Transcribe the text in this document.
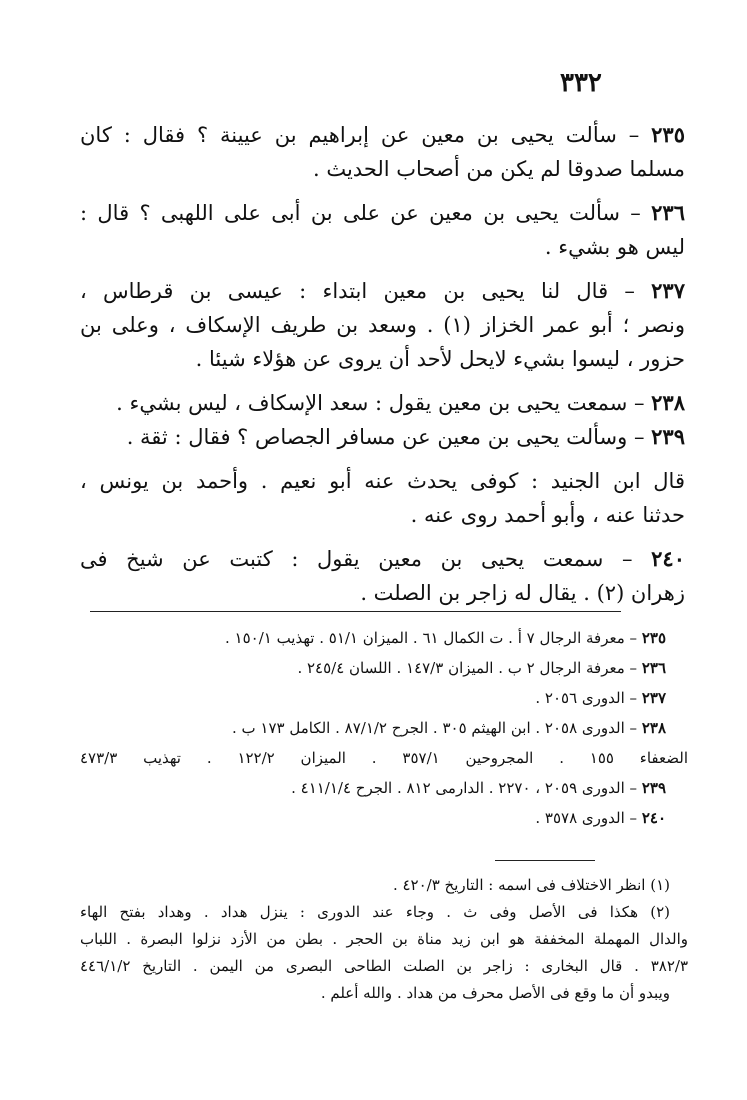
٣٣٢
٢٣٥ – سألت يحيى بن معين عن إبراهيم بن عيينة ؟ فقال : كان
مسلما صدوقا لم يكن من أصحاب الحديث .
٢٣٦ – سألت يحيى بن معين عن على بن أبى على اللهبى ؟ قال :
ليس هو بشيء .
٢٣٧ – قال لنا يحيى بن معين ابتداء : عيسى بن قرطاس ،
ونصر ؛ أبو عمر الخزاز (١) . وسعد بن طريف الإسكاف ، وعلى بن
حزور ، ليسوا بشيء لايحل لأحد أن يروى عن هؤلاء شيئا .
٢٣٨ – سمعت يحيى بن معين يقول : سعد الإسكاف ، ليس بشيء .
٢٣٩ – وسألت يحيى بن معين عن مسافر الجصاص ؟ فقال : ثقة .
قال ابن الجنيد : كوفى يحدث عنه أبو نعيم . وأحمد بن يونس ،
حدثنا عنه ، وأبو أحمد روى عنه .
٢٤٠ – سمعت يحيى بن معين يقول : كتبت عن شيخ فى
زهران (٢) . يقال له زاجر بن الصلت .
٢٣٥ – معرفة الرجال ٧ أ . ت الكمال ٦١ . الميزان ٥١/١ . تهذيب ١٥٠/١ .
٢٣٦ – معرفة الرجال ٢ ب . الميزان ١٤٧/٣ . اللسان ٢٤٥/٤ .
٢٣٧ – الدورى ٢٠٥٦ .
٢٣٨ – الدورى ٢٠٥٨ . ابن الهيثم ٣٠٥ . الجرح ٨٧/١/٢ . الكامل ١٧٣ ب .
الضعفاء ١٥٥ . المجروحين ٣٥٧/١ . الميزان ١٢٢/٢ . تهذيب ٤٧٣/٣
٢٣٩ – الدورى ٢٠٥٩ ، ٢٢٧٠ . الدارمى ٨١٢ . الجرح ٤١١/١/٤ .
٢٤٠ – الدورى ٣٥٧٨ .
(١) انظر الاختلاف فى اسمه : التاريخ ٤٢٠/٣ .
(٢) هكذا فى الأصل وفى ث . وجاء عند الدورى : ينزل هداد . وهداد بفتح الهاء
والدال المهملة المخففة هو ابن زيد مناة بن الحجر . بطن من الأزد نزلوا البصرة . اللباب
٣٨٢/٣ . قال البخارى : زاجر بن الصلت الطاحى البصرى من اليمن . التاريخ ٤٤٦/١/٢
ويبدو أن ما وقع فى الأصل محرف من هداد . والله أعلم .
